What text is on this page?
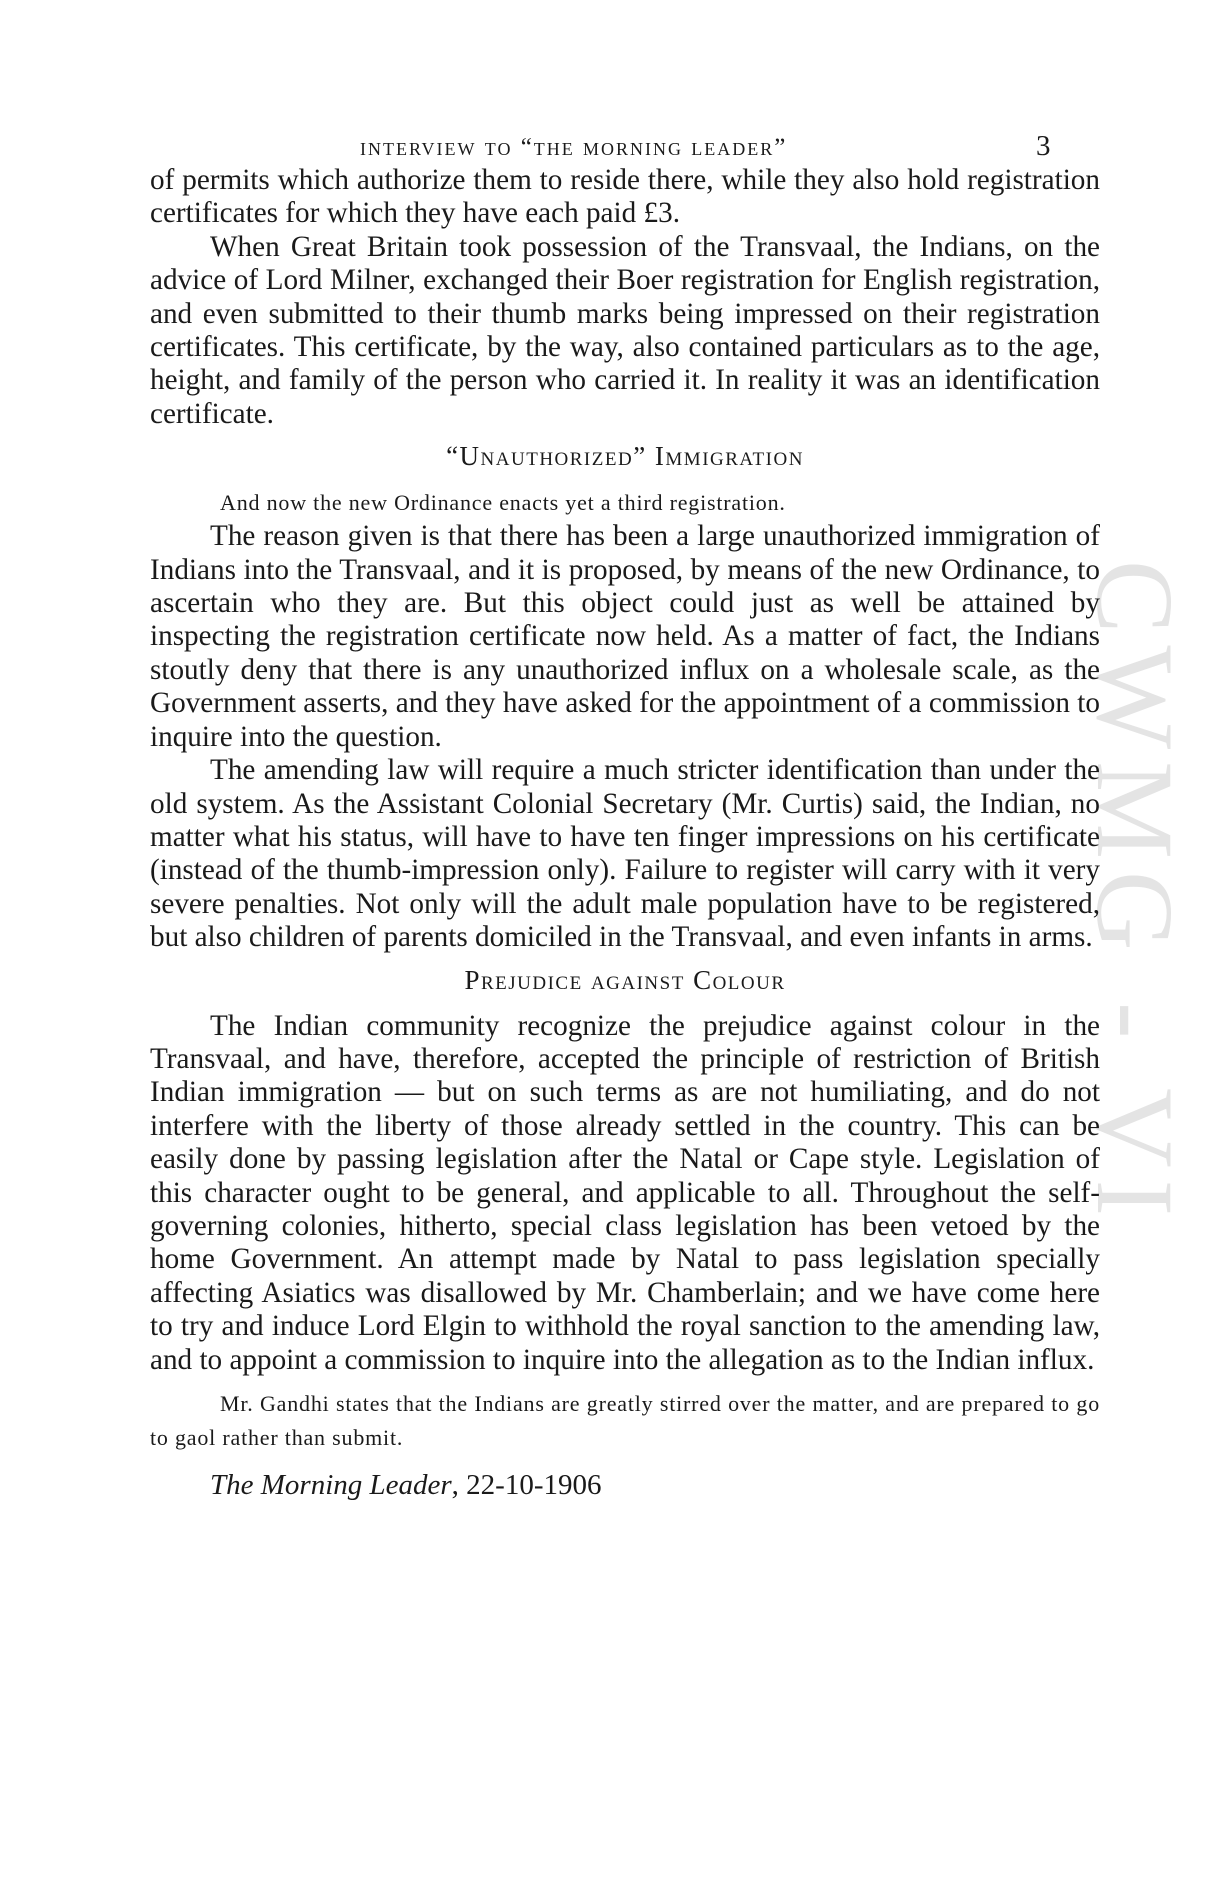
CWMG - VI
interview to “the morning leader”	3

of permits which authorize them to reside there, while they also hold registration certificates for which they have each paid £3.

When Great Britain took possession of the Transvaal, the Indians, on the advice of Lord Milner, exchanged their Boer registration for English registration, and even submitted to their thumb marks being impressed on their registration certificates. This certificate, by the way, also contained particulars as to the age, height, and family of the person who carried it. In reality it was an identification certificate.

“Unauthorized” Immigration

And now the new Ordinance enacts yet a third registration.

The reason given is that there has been a large unauthorized immigration of Indians into the Transvaal, and it is proposed, by means of the new Ordinance, to ascertain who they are. But this object could just as well be attained by inspecting the registration certificate now held. As a matter of fact, the Indians stoutly deny that there is any unauthorized influx on a wholesale scale, as the Government asserts, and they have asked for the appointment of a commission to inquire into the question.

The amending law will require a much stricter identification than under the old system. As the Assistant Colonial Secretary (Mr. Curtis) said, the Indian, no matter what his status, will have to have ten finger impressions on his certificate (instead of the thumb-impression only). Failure to register will carry with it very severe penalties. Not only will the adult male population have to be registered, but also children of parents domiciled in the Transvaal, and even infants in arms.

Prejudice against Colour

The Indian community recognize the prejudice against colour in the Transvaal, and have, therefore, accepted the principle of restriction of British Indian immigration — but on such terms as are not humiliating, and do not interfere with the liberty of those already settled in the country. This can be easily done by passing legislation after the Natal or Cape style. Legislation of this character ought to be general, and applicable to all. Throughout the self-governing colonies, hitherto, special class legislation has been vetoed by the home Government. An attempt made by Natal to pass legislation specially affecting Asiatics was disallowed by Mr. Chamberlain; and we have come here to try and induce Lord Elgin to withhold the royal sanction to the amending law, and to appoint a commission to inquire into the allegation as to the Indian influx.

Mr. Gandhi states that the Indians are greatly stirred over the matter, and are prepared to go to gaol rather than submit.

The Morning Leader, 22-10-1906
